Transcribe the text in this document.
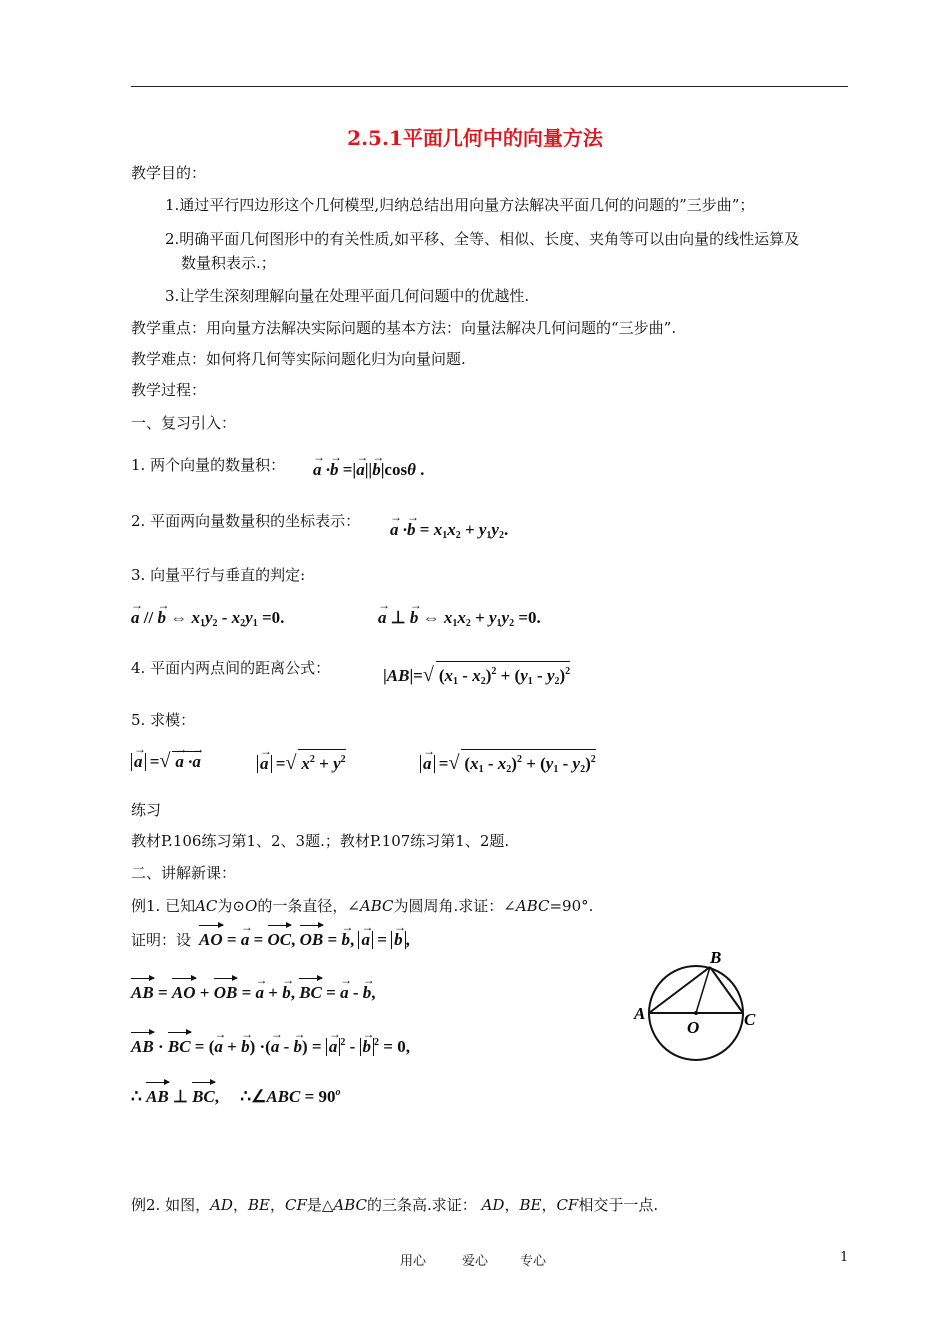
2.5.1平面几何中的向量方法
教学目的：
1.通过平行四边形这个几何模型,归纳总结出用向量方法解决平面几何的问题的”三步曲”；
2.明确平面几何图形中的有关性质,如平移、全等、相似、长度、夹角等可以由向量的线性运算及
数量积表示.；
3.让学生深刻理解向量在处理平面几何问题中的优越性.
教学重点：用向量方法解决实际问题的基本方法：向量法解决几何问题的“三步曲”.
教学难点：如何将几何等实际问题化归为向量问题.
教学过程：
一、复习引入：
1. 两个向量的数量积： → a ·→ b =|→ a||→ b|cosθ .
2. 平面两向量数量积的坐标表示： → $a \cdot\to b = x_1x_2 + y_1y_2$.
3. 向量平行与垂直的判定:
→ a // → b ⇔ $x_1y_2 - x_2y_1 =0$.	→ a ⊥ → b ⇔ $x_1x_2 + y_1y_2 =0$.
4. 平面内两点间的距离公式：	|AB|=√ $(x_1 - x_2)^2 + (y_1 - y_2)^2$
5. 求模：
→ a =√ → a ·→ a	→ a =√ $x^2 + y^2$	→ a =√ $(x_1 - x_2)^2 + (y_1 - y_2)^2$
练习
教材P.106练习第1、2、3题.；教材P.107练习第1、2题.
二、讲解新课：
例1. 已知AC为⊙O的一条直径，∠ABC为圆周角.求证：∠ABC=90°.
证明：设 AO = → a = OC, OB = → b, → a = → b ,
AB = AO + OB = → a + → b, BC = → a - → b,
AB · BC = (→ a + → b) ·(→ a - → b) = → a $^2$ - → b $^2$ = 0,
∴ AB ⊥ BC,     ∴∠ABC = $90^o$
B
A	C
O
例2. 如图，AD，BE，CF是△ABC的三条高.求证： AD，BE，CF相交于一点.
用心	爱心 专心	1
